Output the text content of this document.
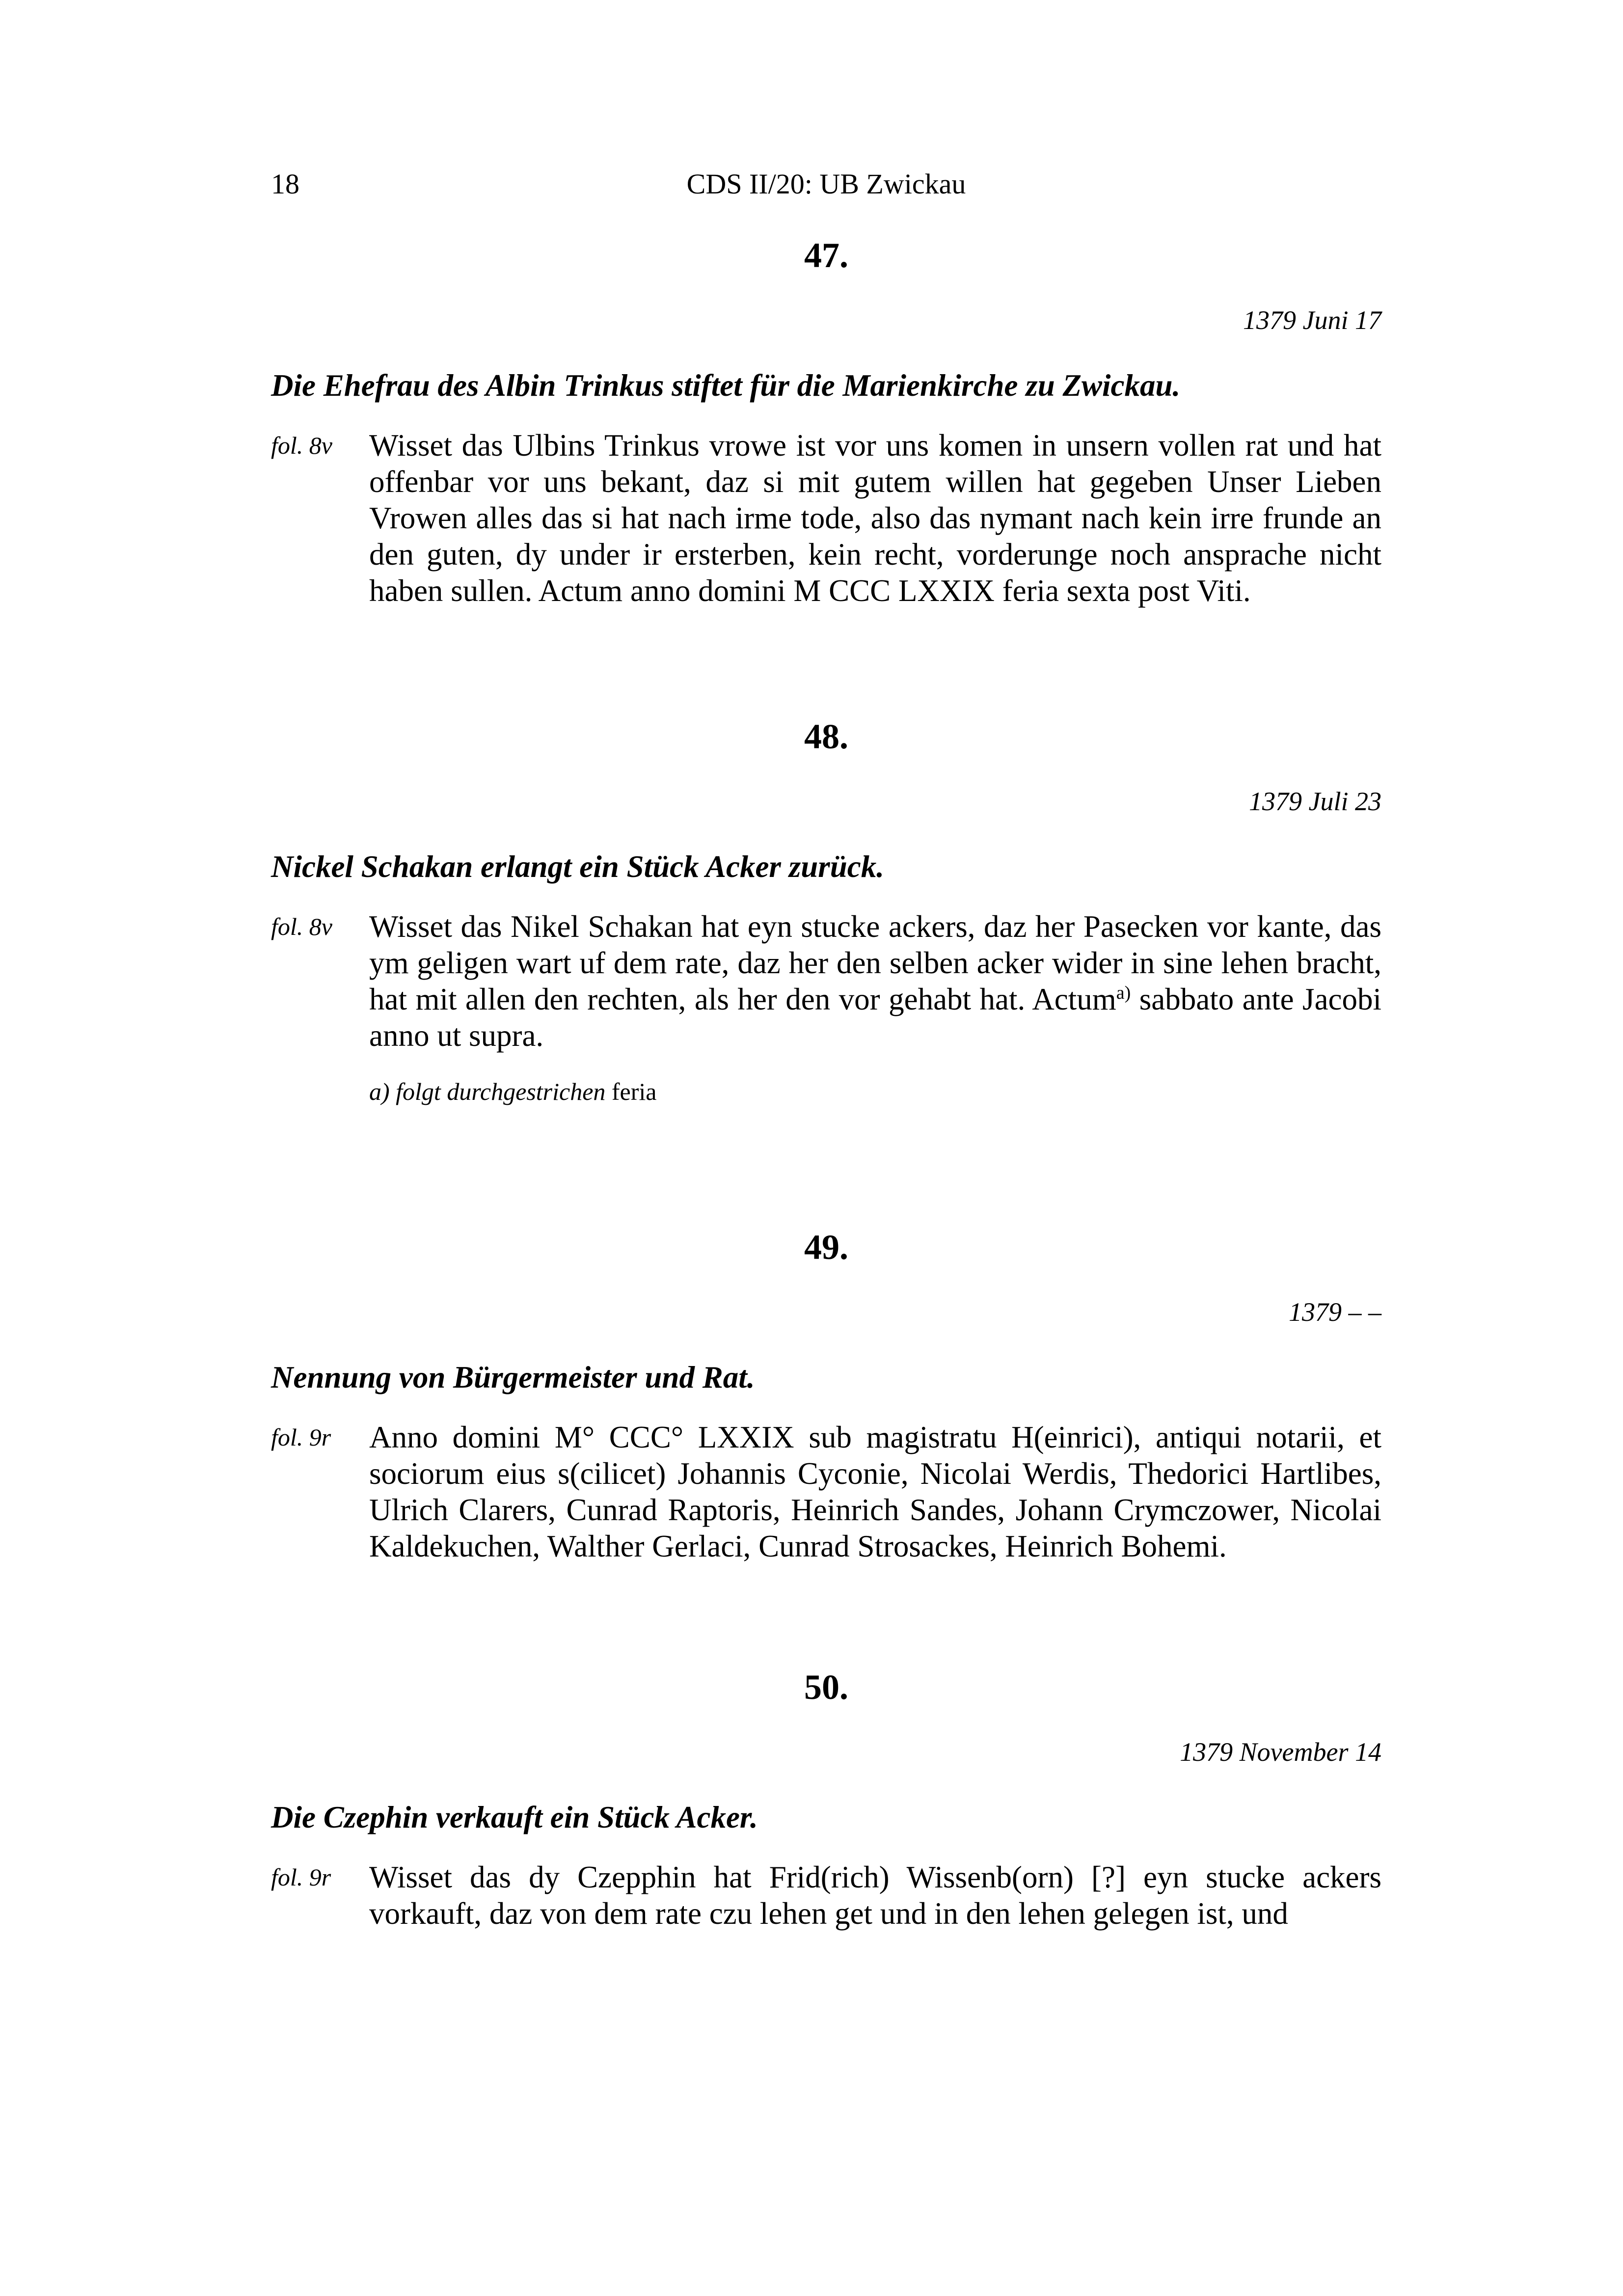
18	CDS II/20: UB Zwickau
47.
1379 Juni 17
Die Ehefrau des Albin Trinkus stiftet für die Marienkirche zu Zwickau.
fol. 8v Wisset das Ulbins Trinkus vrowe ist vor uns komen in unsern vollen rat und hat offenbar vor uns bekant, daz si mit gutem willen hat gegeben Unser Lieben Vrowen alles das si hat nach irme tode, also das nymant nach kein irre frunde an den guten, dy under ir ersterben, kein recht, vorderunge noch ansprache nicht haben sullen. Actum anno domini M CCC LXXIX feria sexta post Viti.

48.
1379 Juli 23
Nickel Schakan erlangt ein Stück Acker zurück.
fol. 8v Wisset das Nikel Schakan hat eyn stucke ackers, daz her Pasecken vor kante, das ym geligen wart uf dem rate, daz her den selben acker wider in sine lehen bracht, hat mit allen den rechten, als her den vor gehabt hat. Actum$^{a)}$ sabbato ante Jacobi anno ut supra.

a) folgt durchgestrichen feria
49.
1379 – –
Nennung von Bürgermeister und Rat.
fol. 9r Anno domini M° CCC° LXXIX sub magistratu H(einrici), antiqui notarii, et sociorum eius s(cilicet) Johannis Cyconie, Nicolai Werdis, Thedorici Hartlibes, Ulrich Clarers, Cunrad Raptoris, Heinrich Sandes, Johann Crymczower, Nicolai Kaldekuchen, Walther Gerlaci, Cunrad Strosackes, Heinrich Bohemi.

50.
1379 November 14
Die Czephin verkauft ein Stück Acker.
fol. 9r Wisset das dy Czepphin hat Frid(rich) Wissenb(orn) [?] eyn stucke ackers vorkauft, daz von dem rate czu lehen get und in den lehen gelegen ist, und
